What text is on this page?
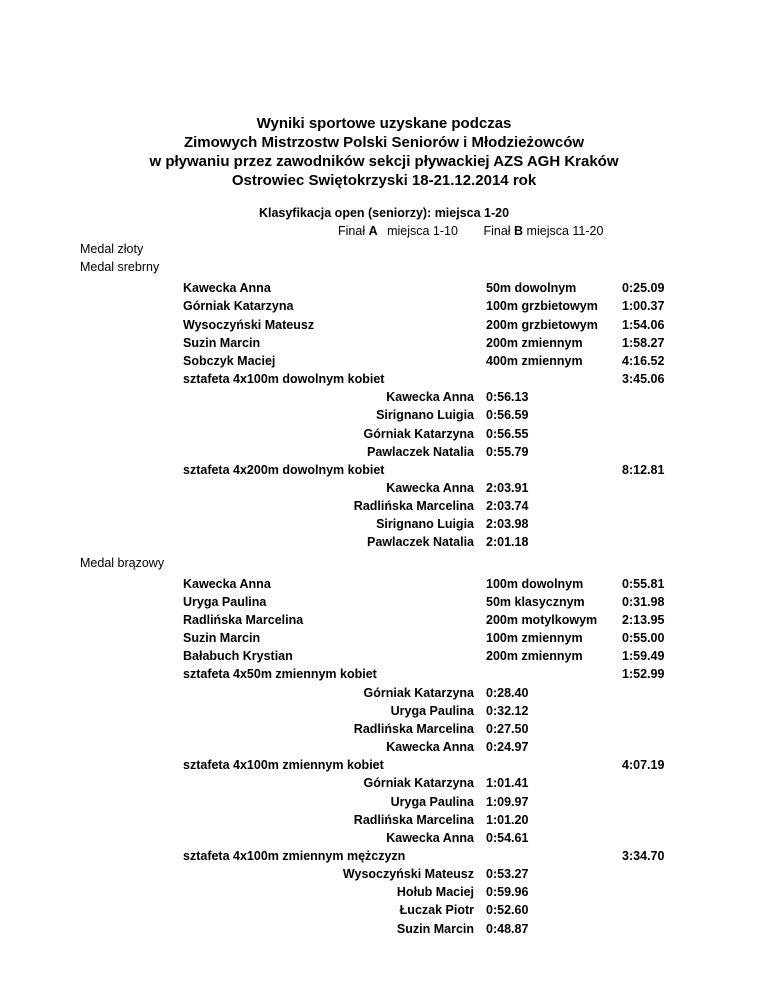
Wyniki sportowe uzyskane podczas
Zimowych Mistrzostw Polski Seniorów i Młodzieżowców
w pływaniu przez zawodników sekcji pływackiej AZS AGH Kraków
Ostrowiec Swiętokrzyski 18-21.12.2014 rok
Klasyfikacja open (seniorzy): miejsca 1-20
Finał A miejsca 1-10 Finał B miejsca 11-20
Medal złoty
Medal srebrny
Kawecka Anna	50m dowolnym	0:25.09
Górniak Katarzyna	100m grzbietowym 1:00.37
Wysoczyński Mateusz	200m grzbietowym 1:54.06
Suzin Marcin	200m zmiennym	1:58.27
Sobczyk Maciej	400m zmiennym	4:16.52
sztafeta 4x100m dowolnym kobiet	3:45.06
Kawecka Anna 0:56.13
Sirignano Luigia 0:56.59
Górniak Katarzyna 0:56.55
Pawlaczek Natalia 0:55.79
sztafeta 4x200m dowolnym kobiet	8:12.81
Kawecka Anna 2:03.91
Radlińska Marcelina 2:03.74
Sirignano Luigia 2:03.98
Pawlaczek Natalia 2:01.18
Medal brązowy
Kawecka Anna	100m dowolnym	0:55.81
Uryga Paulina	50m klasycznym	0:31.98
Radlińska Marcelina	200m motylkowym 2:13.95
Suzin Marcin	100m zmiennym	0:55.00
Bałabuch Krystian	200m zmiennym	1:59.49
sztafeta 4x50m zmiennym kobiet	1:52.99
Górniak Katarzyna 0:28.40
Uryga Paulina 0:32.12
Radlińska Marcelina 0:27.50
Kawecka Anna 0:24.97
sztafeta 4x100m zmiennym kobiet	4:07.19
Górniak Katarzyna 1:01.41
Uryga Paulina 1:09.97
Radlińska Marcelina 1:01.20
Kawecka Anna 0:54.61
sztafeta 4x100m zmiennym mężczyzn	3:34.70
Wysoczyński Mateusz 0:53.27
Hołub Maciej 0:59.96
Łuczak Piotr 0:52.60
Suzin Marcin 0:48.87
